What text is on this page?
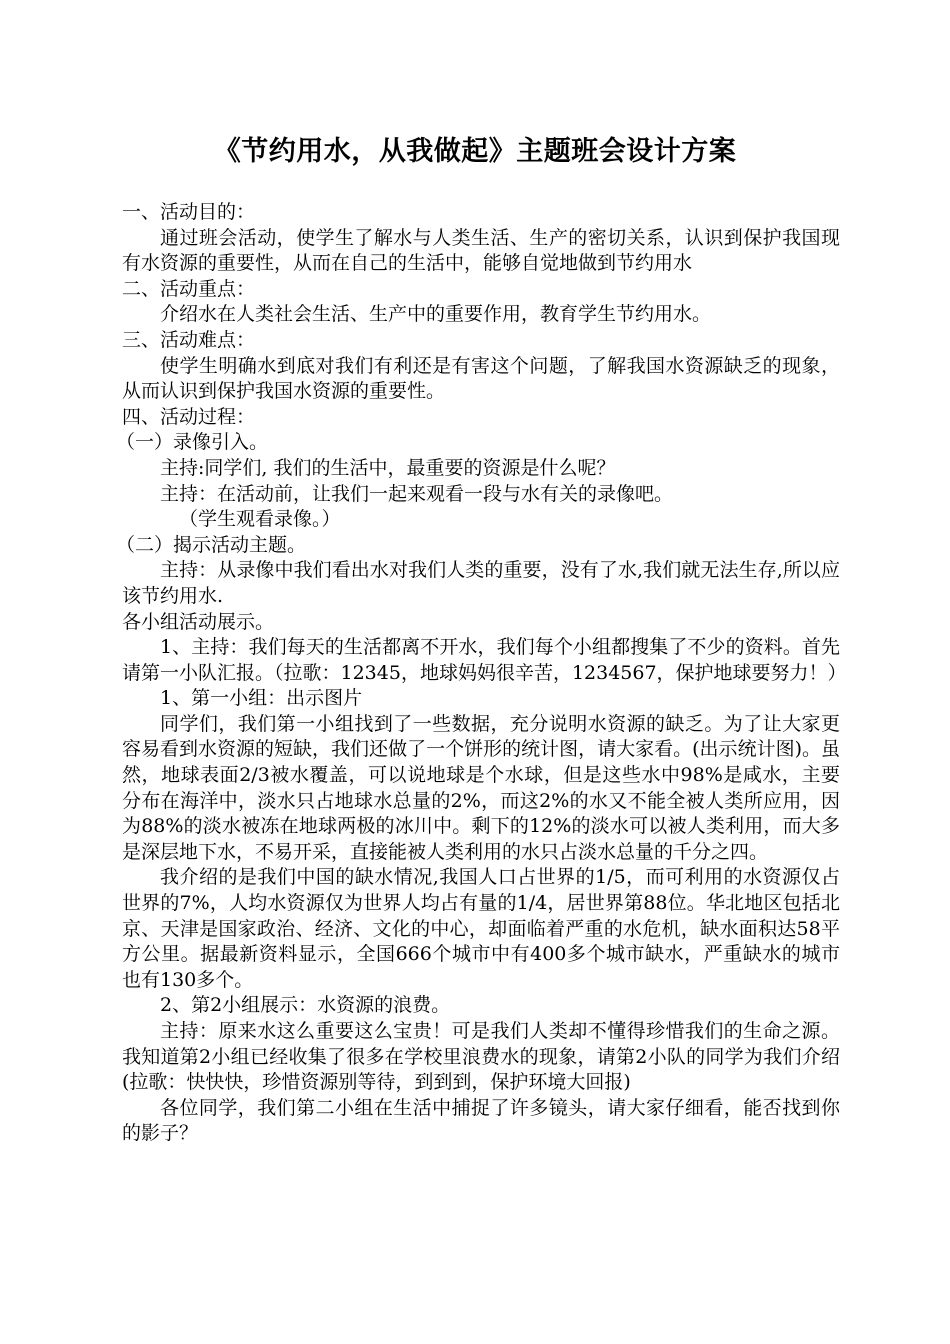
《节约用水，从我做起》主题班会设计方案

一、活动目的：

通过班会活动，使学生了解水与人类生活、生产的密切关系，认识到保护我国现有水资源的重要性，从而在自己的生活中，能够自觉地做到节约用水

二、活动重点：

介绍水在人类社会生活、生产中的重要作用，教育学生节约用水。

三、活动难点：

使学生明确水到底对我们有利还是有害这个问题，了解我国水资源缺乏的现象，从而认识到保护我国水资源的重要性。

四、活动过程：

（一）录像引入。

主持:同学们, 我们的生活中，最重要的资源是什么呢？

主持：在活动前，让我们一起来观看一段与水有关的录像吧。

（学生观看录像。）

（二）揭示活动主题。

主持：从录像中我们看出水对我们人类的重要，没有了水,我们就无法生存,所以应该节约用水.

各小组活动展示。

1、主持：我们每天的生活都离不开水，我们每个小组都搜集了不少的资料。首先请第一小队汇报。（拉歌：12345，地球妈妈很辛苦，1234567，保护地球要努力！）

1、第一小组：出示图片

同学们，我们第一小组找到了一些数据，充分说明水资源的缺乏。为了让大家更容易看到水资源的短缺，我们还做了一个饼形的统计图，请大家看。(出示统计图)。虽然，地球表面2/3被水覆盖，可以说地球是个水球，但是这些水中98%是咸水，主要分布在海洋中，淡水只占地球水总量的2%，而这2%的水又不能全被人类所应用，因为88%的淡水被冻在地球两极的冰川中。剩下的12%的淡水可以被人类利用，而大多是深层地下水，不易开采，直接能被人类利用的水只占淡水总量的千分之四。

我介绍的是我们中国的缺水情况,我国人口占世界的1/5，而可利用的水资源仅占世界的7%，人均水资源仅为世界人均占有量的1/4，居世界第88位。华北地区包括北京、天津是国家政治、经济、文化的中心，却面临着严重的水危机，缺水面积达58平方公里。据最新资料显示，全国666个城市中有400多个城市缺水，严重缺水的城市也有130多个。

2、第2小组展示：水资源的浪费。

主持：原来水这么重要这么宝贵！可是我们人类却不懂得珍惜我们的生命之源。我知道第2小组已经收集了很多在学校里浪费水的现象，请第2小队的同学为我们介绍(拉歌：快快快，珍惜资源别等待，到到到，保护环境大回报)

各位同学，我们第二小组在生活中捕捉了许多镜头，请大家仔细看，能否找到你的影子？
